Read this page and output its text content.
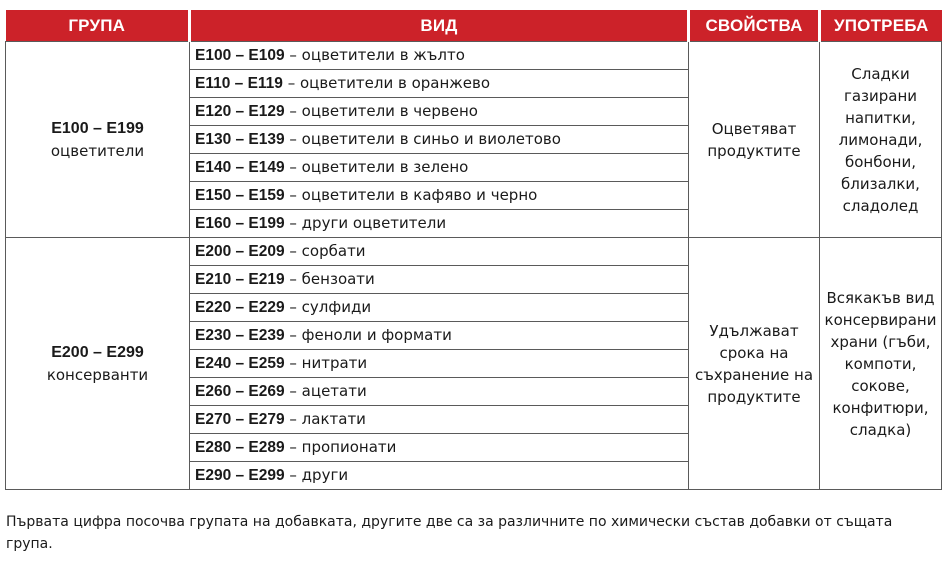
ГРУПА	ВИД	СВОЙСТВА	УПОТРЕБА

E100 – E199
оцветители	E100 – E109 – оцветители в жълто	Оцветяват продуктите	Сладки газирани напитки, лимонади, бонбони, близалки, сладолед
	E110 – E119 – оцветители в оранжево		
	E120 – E129 – оцветители в червено		
	E130 – E139 – оцветители в синьо и виолетово		
	E140 – E149 – оцветители в зелено		
	E150 – E159 – оцветители в кафяво и черно		
	E160 – E199 – други оцветители		

E200 – E299
консерванти	E200 – E209 – сорбати	Удължават срока на съхранение на продуктите	Всякакъв вид консервирани храни (гъби, компоти, сокове, конфитюри, сладка)
	E210 – E219 – бензоати		
	E220 – E229 – сулфиди		
	E230 – E239 – феноли и формати		
	E240 – E259 – нитрати		
	E260 – E269 – ацетати		
	E270 – E279 – лактати		
	E280 – E289 – пропионати		
	E290 – E299 – други		
Първата цифра посочва групата на добавката, другите две са за различните по химически състав добавки от същата група.
